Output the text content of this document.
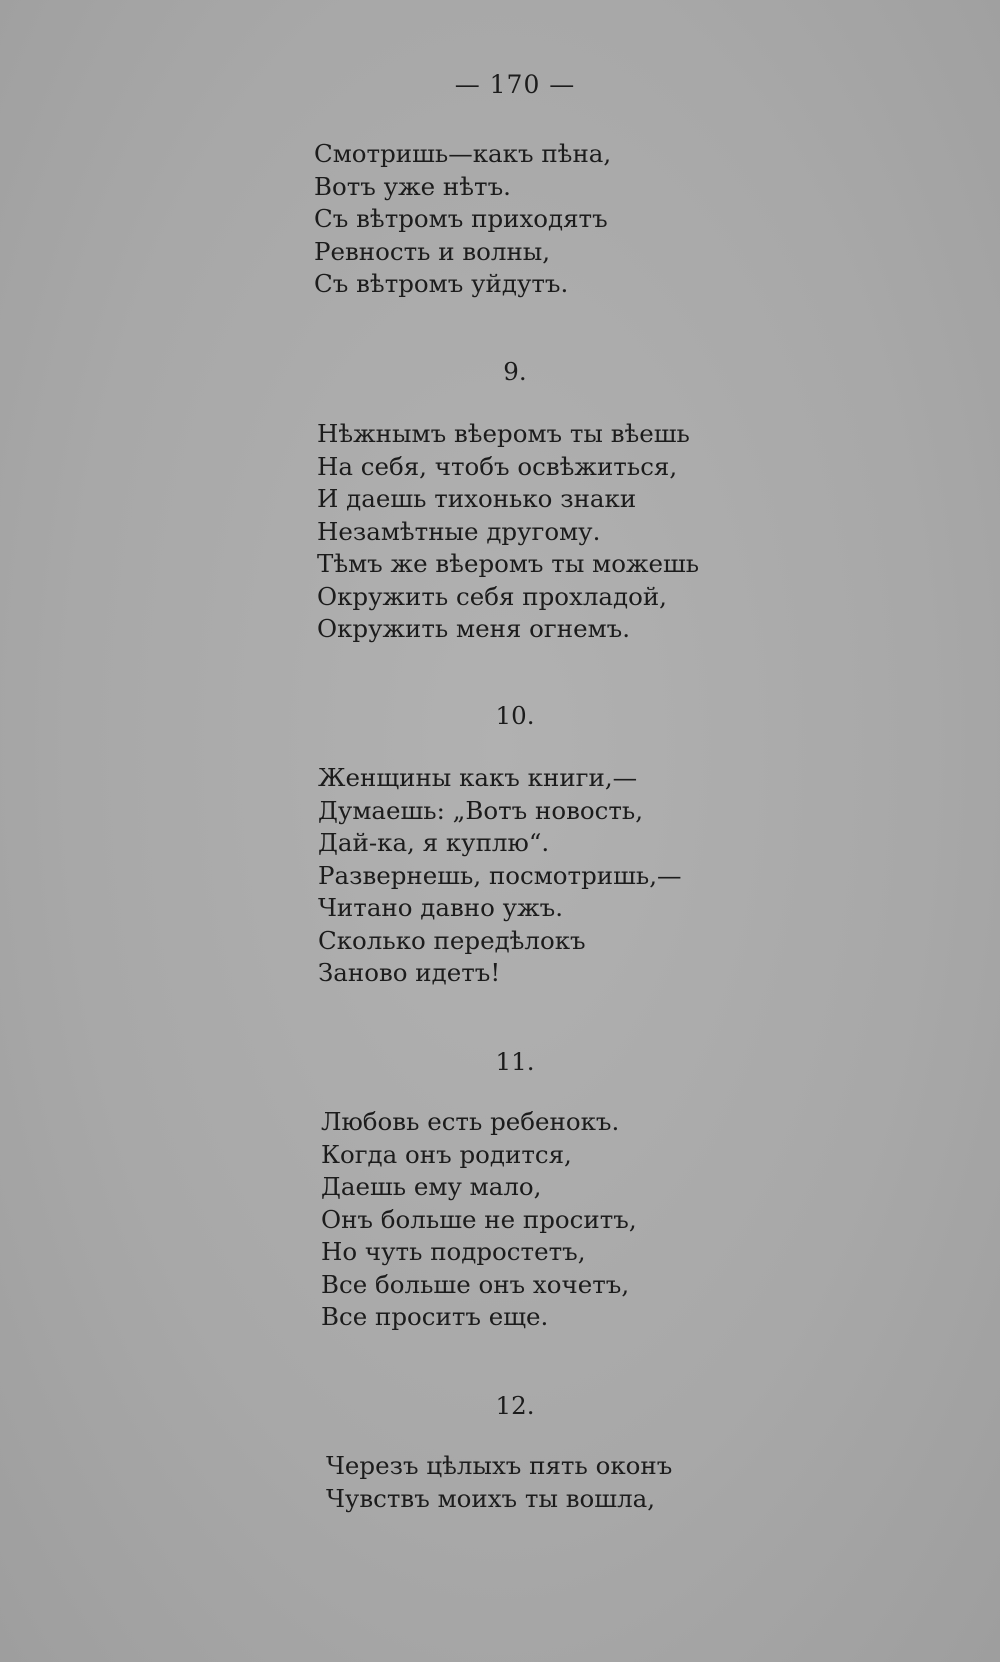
— 170 —
Смотришь—какъ пѣна,
Вотъ уже нѣтъ.
Съ вѣтромъ приходятъ
Ревность и волны,
Съ вѣтромъ уйдутъ.
9.
Нѣжнымъ вѣеромъ ты вѣешь
На себя, чтобъ освѣжиться,
И даешь тихонько знаки
Незамѣтные другому.
Тѣмъ же вѣеромъ ты можешь
Окружить себя прохладой,
Окружить меня огнемъ.
10.
Женщины какъ книги,—
Думаешь: „Вотъ новость,
Дай-ка, я куплю“.
Развернешь, посмотришь,—
Читано давно ужъ.
Сколько передѣлокъ
Заново идетъ!
11.
Любовь есть ребенокъ.
Когда онъ родится,
Даешь ему мало,
Онъ больше не проситъ,
Но чуть подростетъ,
Все больше онъ хочетъ,
Все проситъ еще.
12.
Черезъ цѣлыхъ пять оконъ
Чувствъ моихъ ты вошла,
